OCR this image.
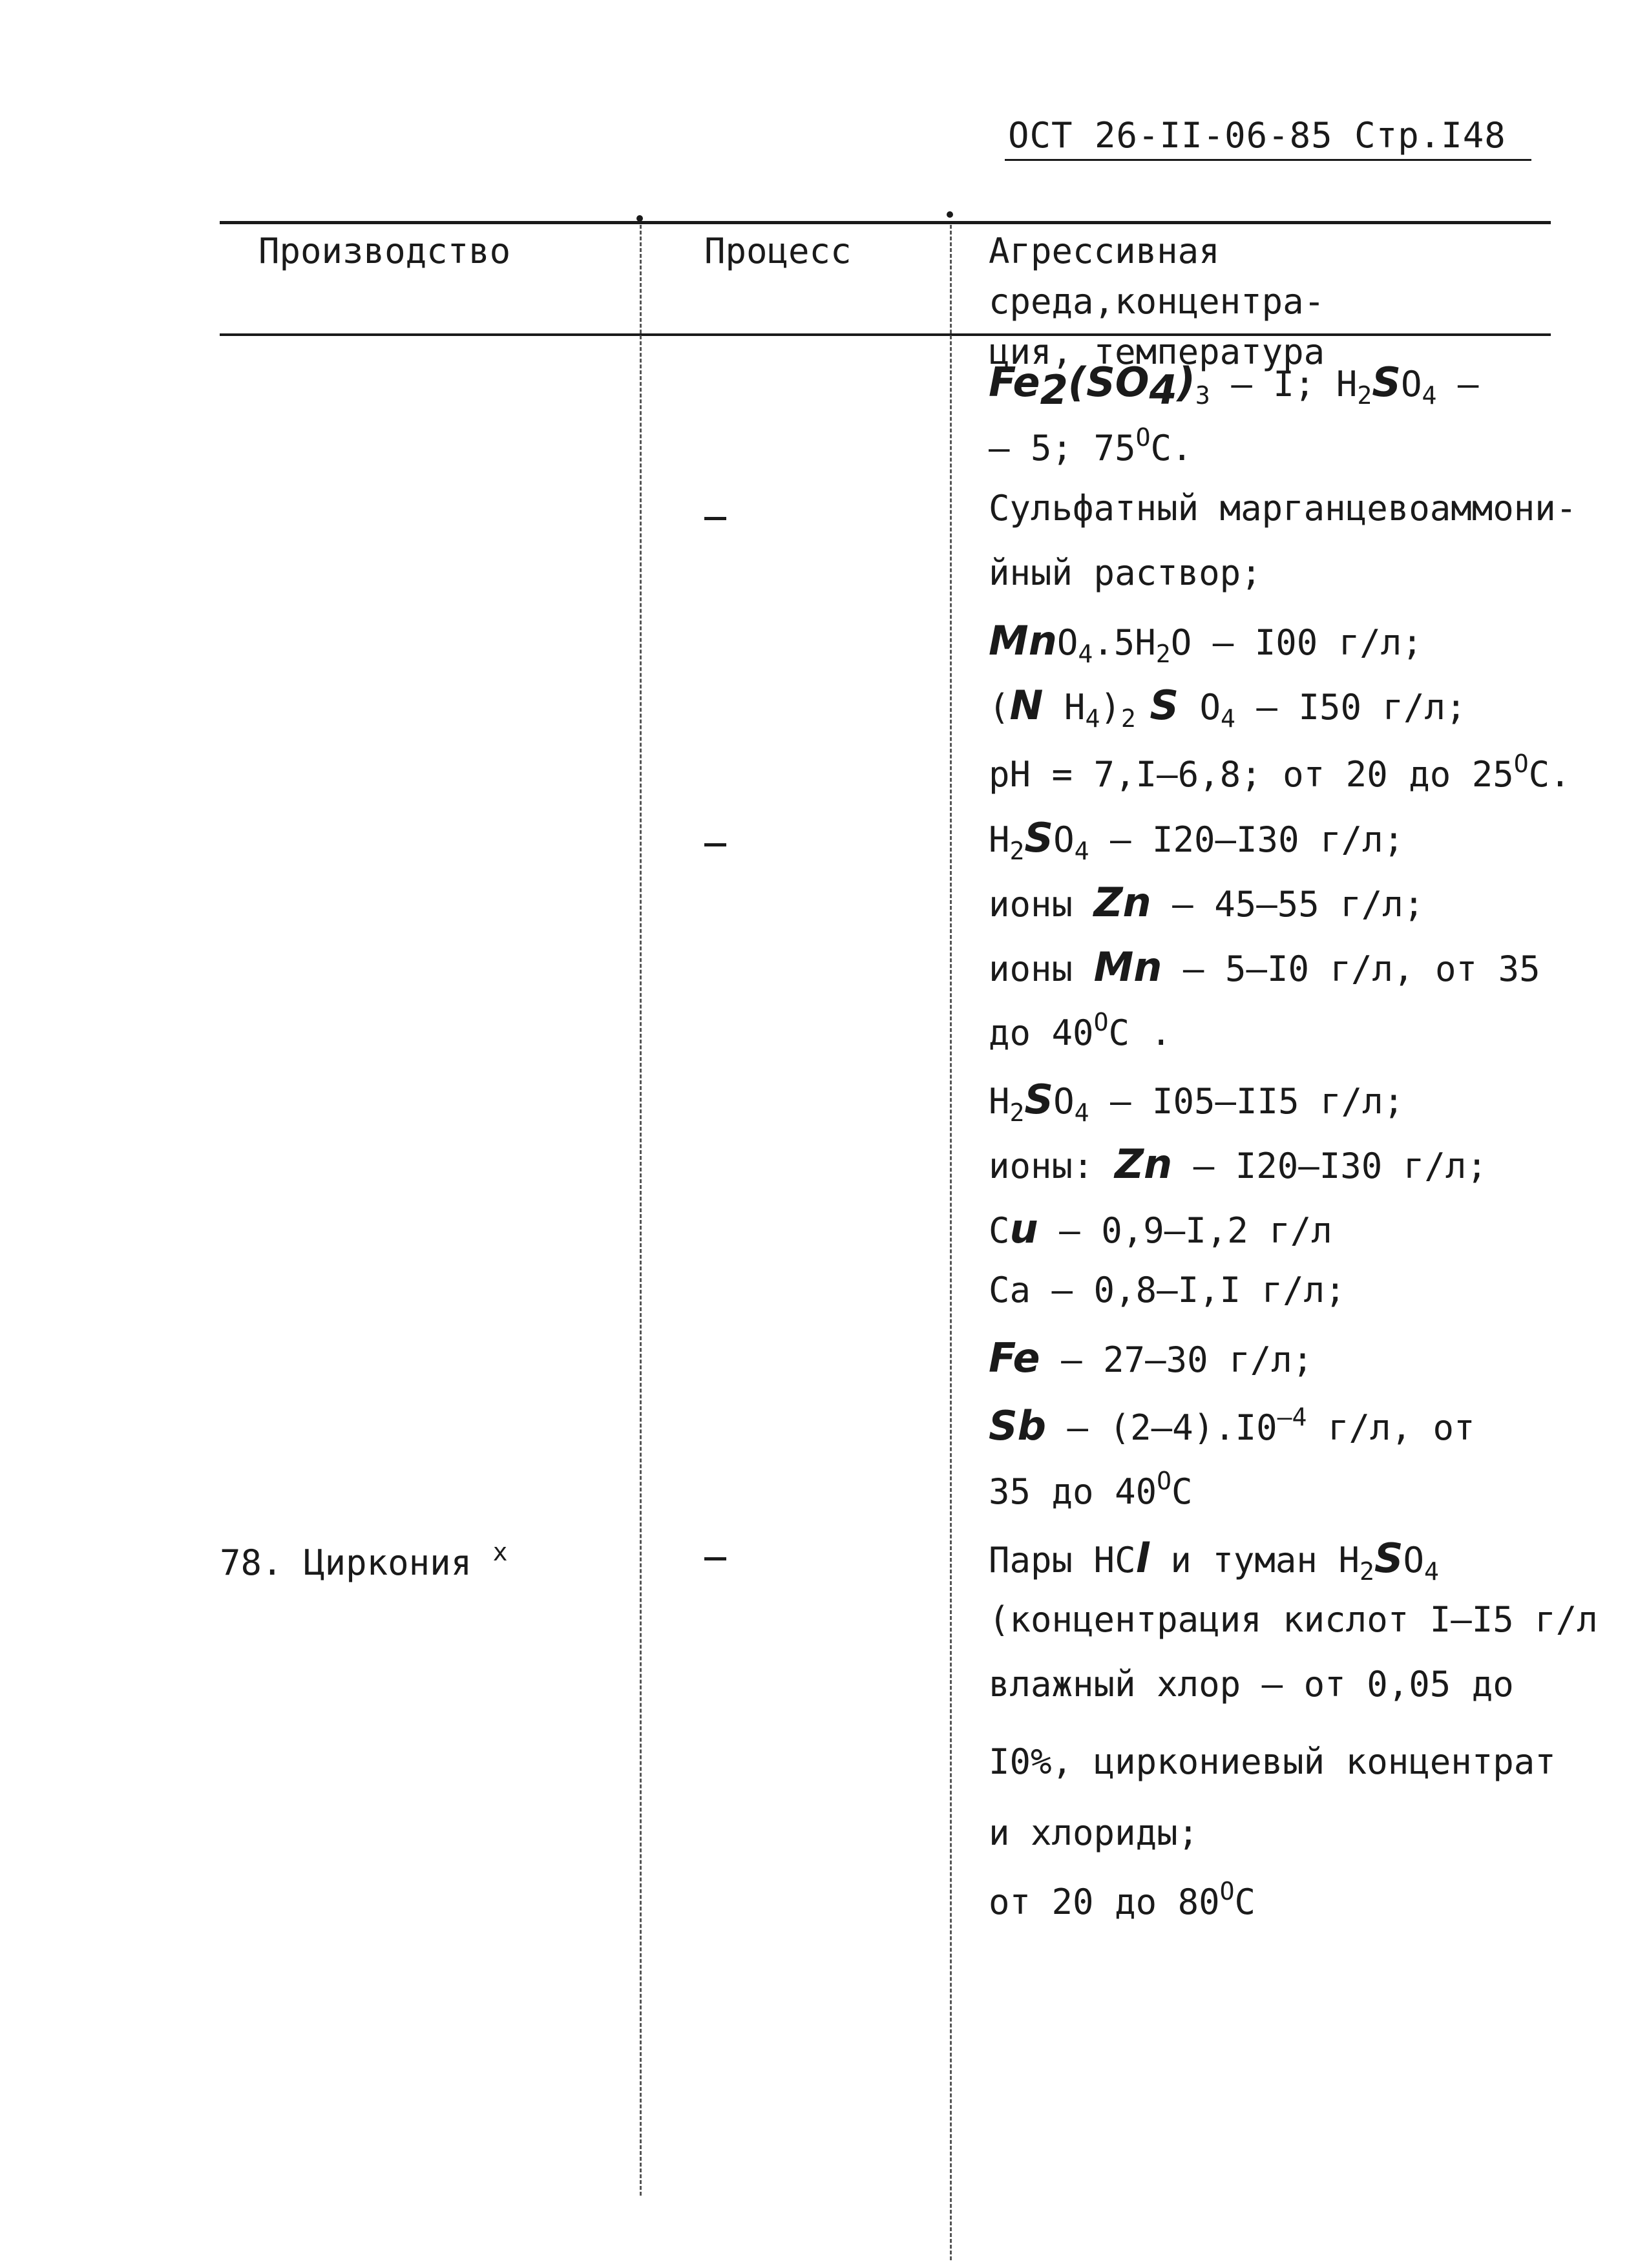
ОСТ 26-II-06-85 Стр.I48
Производство	Процесс	Агрессивная среда,концентра-
ция, температура
78. Циркония $^x$
$Fe_2(SO_4)_3$ – I; $H_2SO_4$ –
– 5; $75^OC$.
Сульфатный марганцевоаммони-
йный раствор;
$MnO_4.5H_2O - I00$ г/л;
(N $H_4)_2$ S $O_4 - I50$ г/л;
pH = 7,I–6,8; от 20 до $25^OC$.
$H_2SO_4 - I20-I30$ г/л;
ионы Zn – 45–55 г/л;
ионы Mn – 5–I0 г/л, от 35
до $40^OC$ .
$H_2SO_4 - I05-II5$ г/л;
ионы: Zn – I20–I30 г/л;
Cu – 0,9–I,2 г/л
Ca – 0,8–I,I г/л;
Fe – 27–30 г/л;
Sb – $(2-4).I0^{-4}$ г/л, от
35 до $40^OC$
Пары HCl и туман $H_2SO_4$
(концентрация кислот I–I5 г/л
влажный хлор – от 0,05 до
I0%, циркониевый концентрат
и хлориды;
от 20 до $80^OC$
